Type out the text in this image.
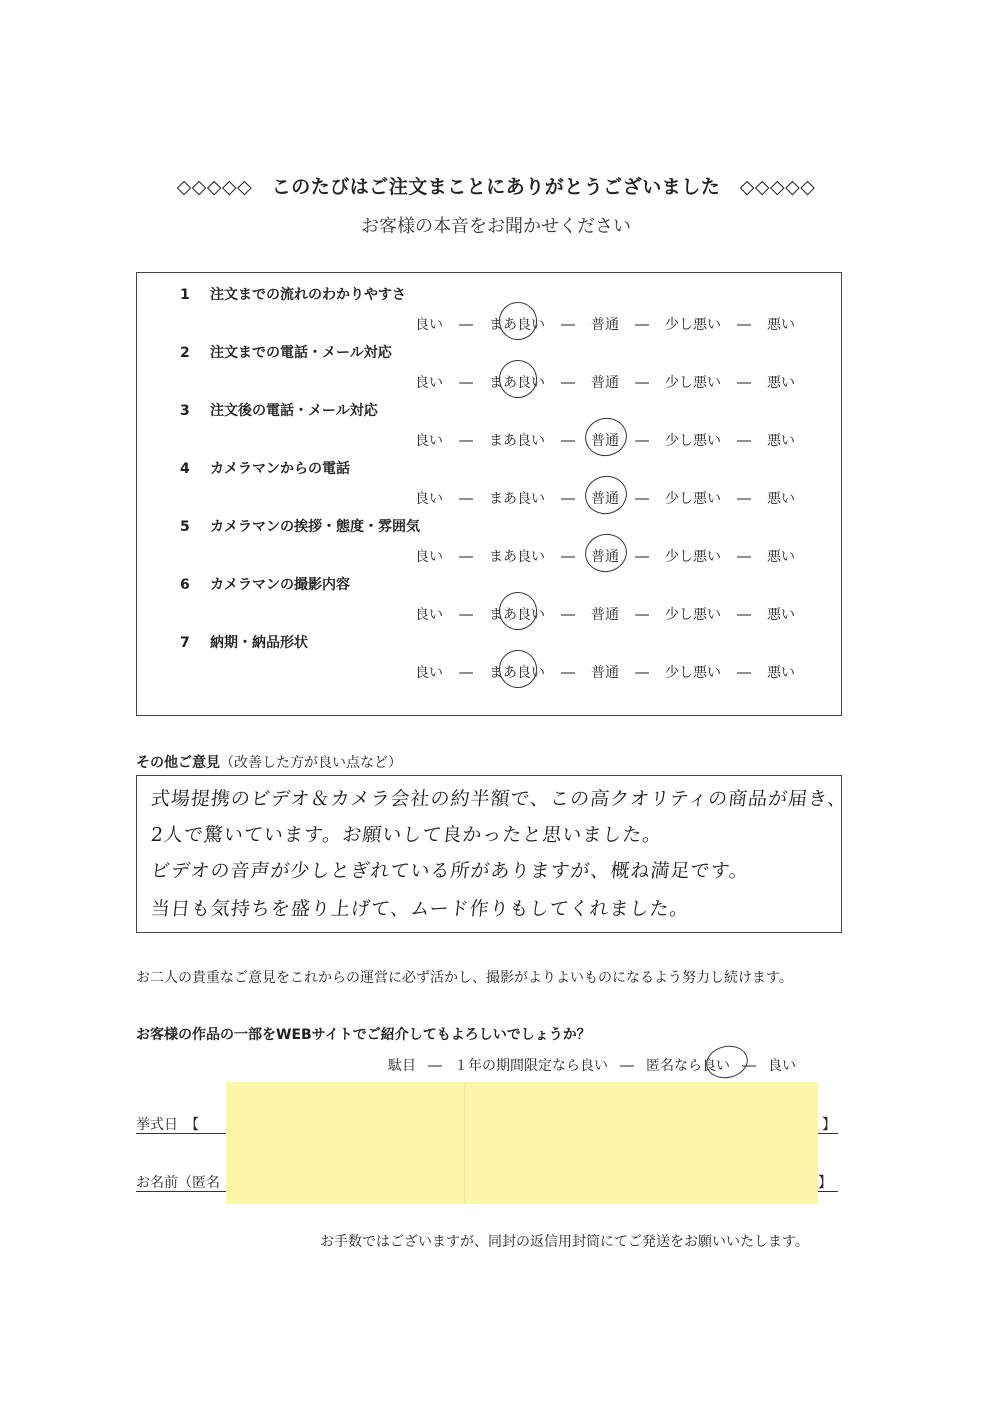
◇◇◇◇◇　このたびはご注文まことにありがとうございました　◇◇◇◇◇
お客様の本音をお聞かせください
1 注文までの流れのわかりやすさ
良い ― まあ良い ― 普通 ― 少し悪い ― 悪い
2 注文までの電話・メール対応
良い ― まあ良い ― 普通 ― 少し悪い ― 悪い
3 注文後の電話・メール対応
良い ― まあ良い ― 普通 ― 少し悪い ― 悪い
4 カメラマンからの電話
良い ― まあ良い ― 普通 ― 少し悪い ― 悪い
5 カメラマンの挨拶・態度・雰囲気
良い ― まあ良い ― 普通 ― 少し悪い ― 悪い
6 カメラマンの撮影内容
良い ― まあ良い ― 普通 ― 少し悪い ― 悪い
7 納期・納品形状
良い ― まあ良い ― 普通 ― 少し悪い ― 悪い
その他ご意見（改善した方が良い点など）
式場提携のビデオ＆カメラ会社の約半額で、この高クオリティの商品が届き、
2人で驚いています。お願いして良かったと思いました。
ビデオの音声が少しとぎれている所がありますが、概ね満足です。
当日も気持ちを盛り上げて、ムード作りもしてくれました。
お二人の貴重なご意見をこれからの運営に必ず活かし、撮影がよりよいものになるよう努力し続けます。
お客様の作品の一部をWEBサイトでご紹介してもよろしいでしょうか？
駄目 ― １年の期間限定なら良い ― 匿名なら良い ― 良い
挙式日　 【	】
お名前（匿名	】
お手数ではございますが、同封の返信用封筒にてご発送をお願いいたします。
